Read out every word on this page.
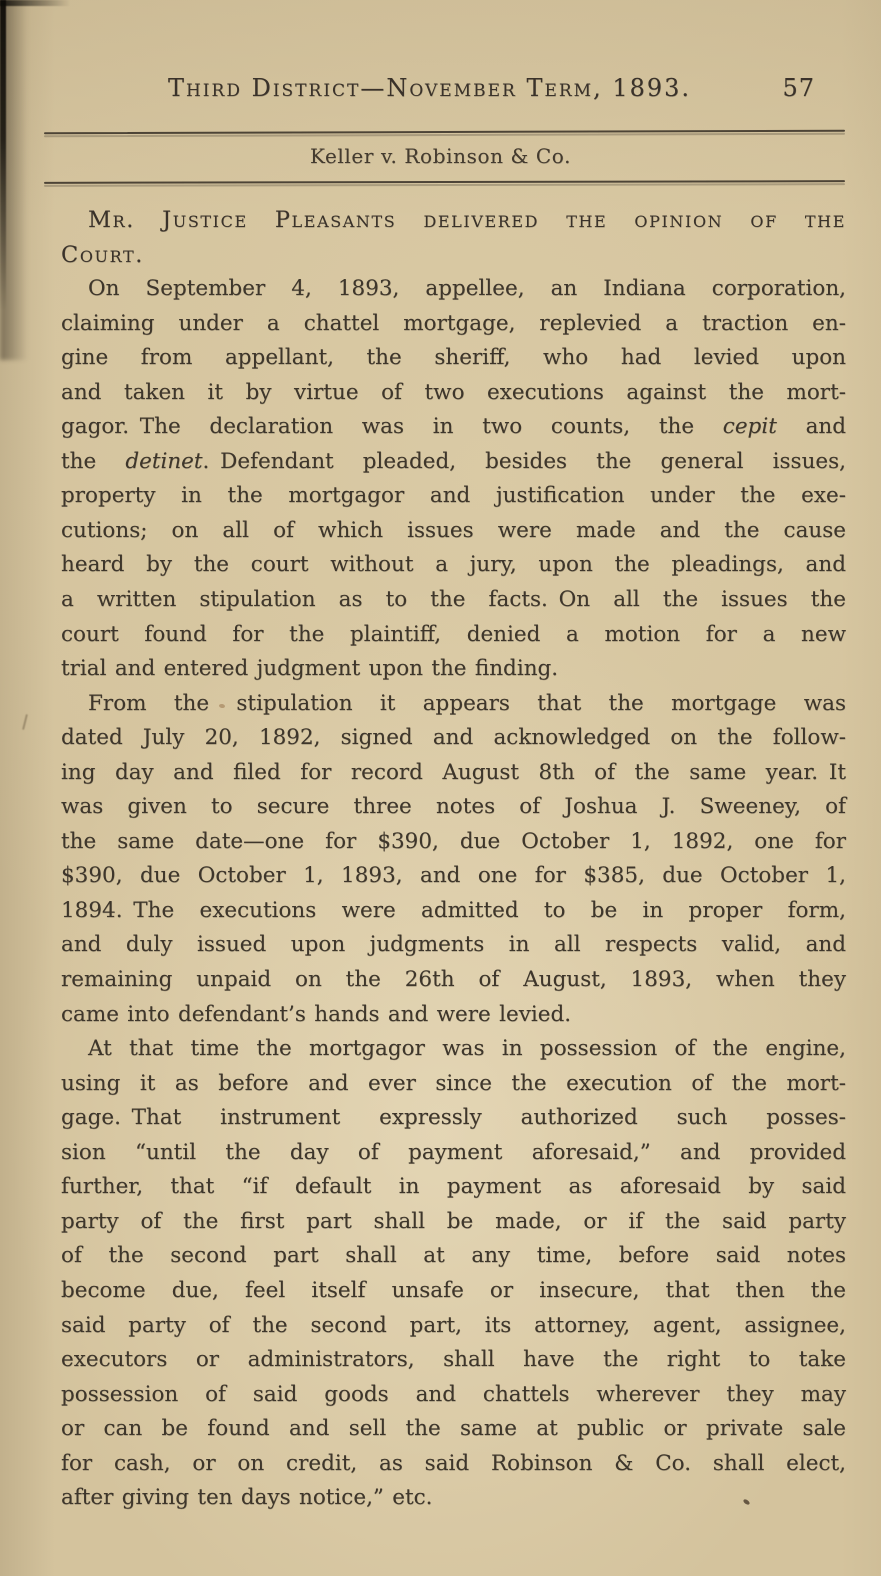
Third District—November Term, 1893.	57
Keller v. Robinson & Co.
Mr. Justice Pleasants delivered the opinion of the
Court.
On September 4, 1893, appellee, an Indiana corporation,
claiming under a chattel mortgage, replevied a traction en-
gine from appellant, the sheriff, who had levied upon
and taken it by virtue of two executions against the mort-
gagor. The declaration was in two counts, the cepit and
the detinet. Defendant pleaded, besides the general issues,
property in the mortgagor and justification under the exe-
cutions; on all of which issues were made and the cause
heard by the court without a jury, upon the pleadings, and
a written stipulation as to the facts. On all the issues the
court found for the plaintiff, denied a motion for a new
trial and entered judgment upon the finding.
From the stipulation it appears that the mortgage was
dated July 20, 1892, signed and acknowledged on the follow-
ing day and filed for record August 8th of the same year. It
was given to secure three notes of Joshua J. Sweeney, of
the same date—one for $390, due October 1, 1892, one for
$390, due October 1, 1893, and one for $385, due October 1,
1894. The executions were admitted to be in proper form,
and duly issued upon judgments in all respects valid, and
remaining unpaid on the 26th of August, 1893, when they
came into defendant’s hands and were levied.
At that time the mortgagor was in possession of the engine,
using it as before and ever since the execution of the mort-
gage. That instrument expressly authorized such posses-
sion “until the day of payment aforesaid,” and provided
further, that “if default in payment as aforesaid by said
party of the first part shall be made, or if the said party
of the second part shall at any time, before said notes
become due, feel itself unsafe or insecure, that then the
said party of the second part, its attorney, agent, assignee,
executors or administrators, shall have the right to take
possession of said goods and chattels wherever they may
or can be found and sell the same at public or private sale
for cash, or on credit, as said Robinson & Co. shall elect,
after giving ten days notice,” etc.
